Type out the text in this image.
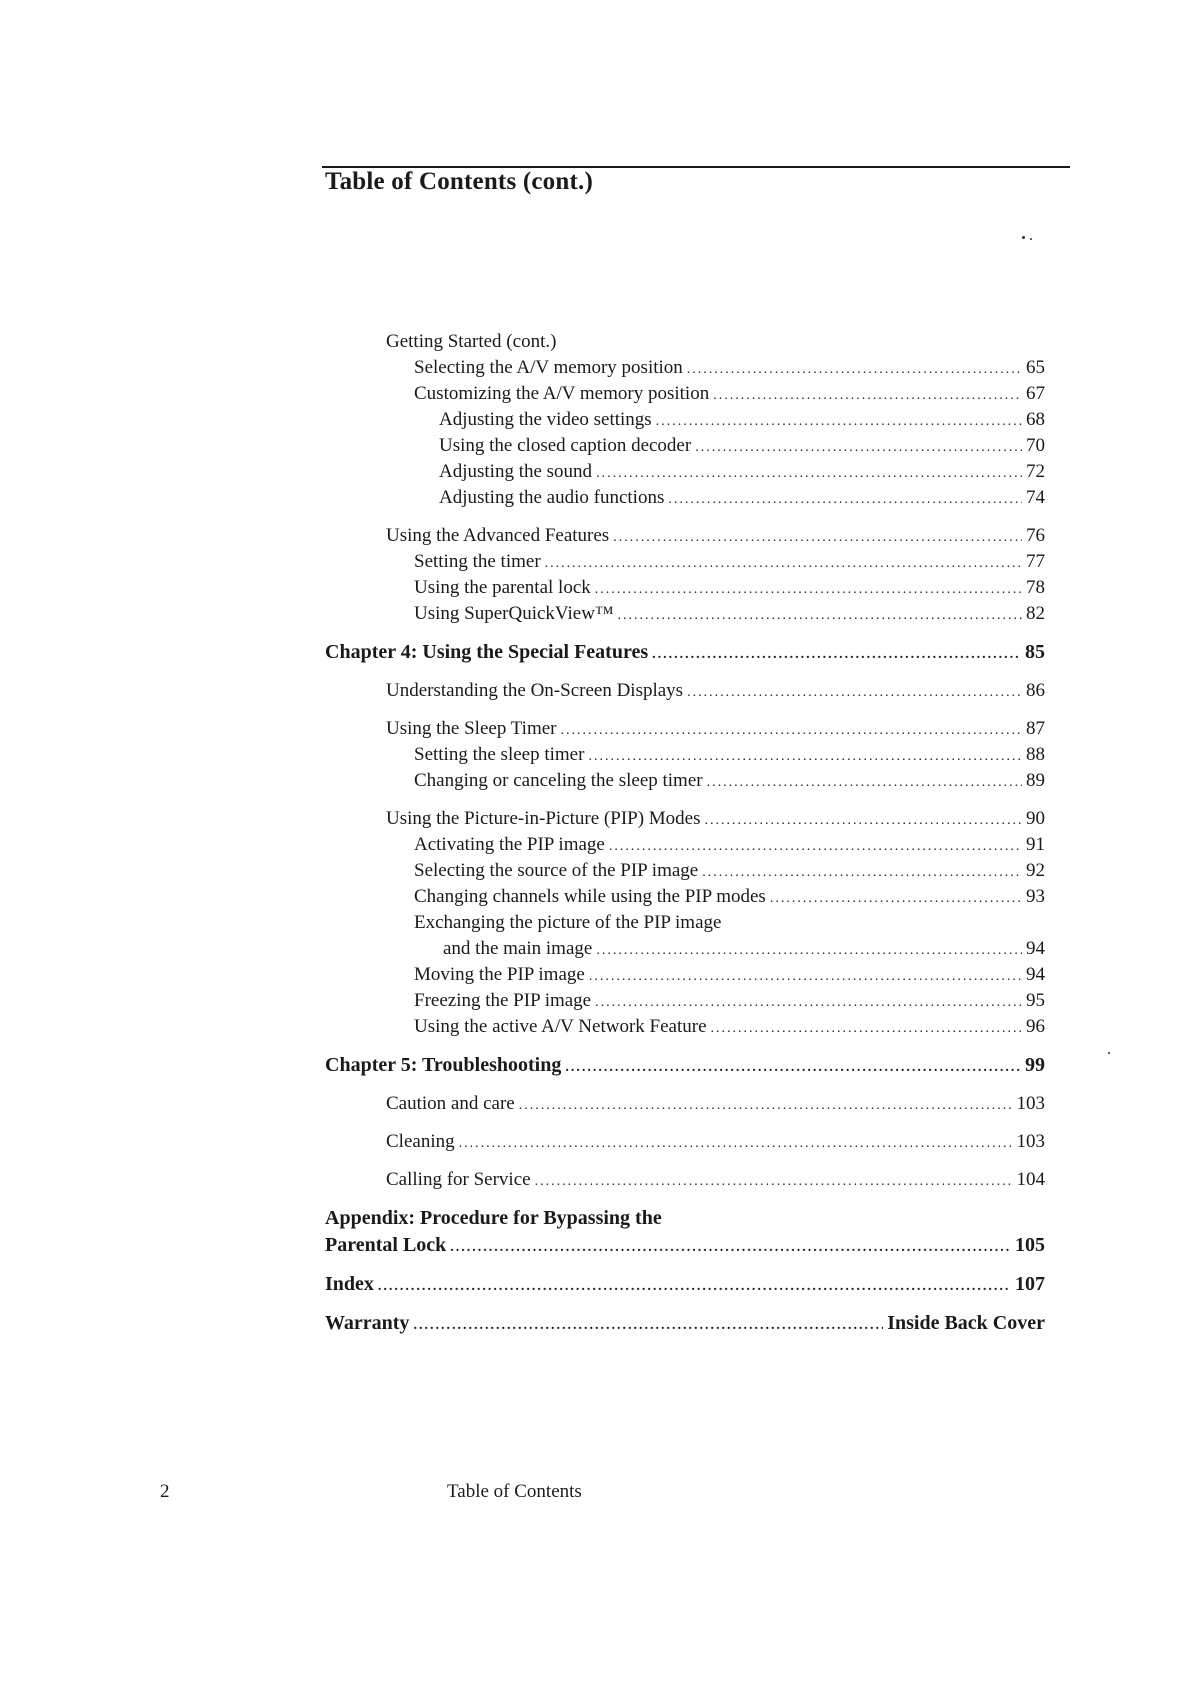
Table of Contents (cont.)
Getting Started (cont.)
Selecting the A/V memory position .....	65
Customizing the A/V memory position .....	67
Adjusting the video settings .....	68
Using the closed caption decoder .....	70
Adjusting the sound .....	72
Adjusting the audio functions .....	74
Using the Advanced Features .....	76
Setting the timer .....	77
Using the parental lock .....	78
Using SuperQuickView™ .....	82
Chapter 4: Using the Special Features .....	85
Understanding the On-Screen Displays .....	86
Using the Sleep Timer .....	87
Setting the sleep timer .....	88
Changing or canceling the sleep timer .....	89
Using the Picture-in-Picture (PIP) Modes .....	90
Activating the PIP image .....	91
Selecting the source of the PIP image .....	92
Changing channels while using the PIP modes .....	93
Exchanging the picture of the PIP image
and the main image .....	94
Moving the PIP image .....	94
Freezing the PIP image .....	95
Using the active A/V Network Feature .....	96
Chapter 5: Troubleshooting .....	99
Caution and care .....	103
Cleaning .....	103
Calling for Service .....	104
Appendix: Procedure for Bypassing the
Parental Lock .....	105
Index .....	107
Warranty .....	Inside Back Cover
2	Table of Contents
